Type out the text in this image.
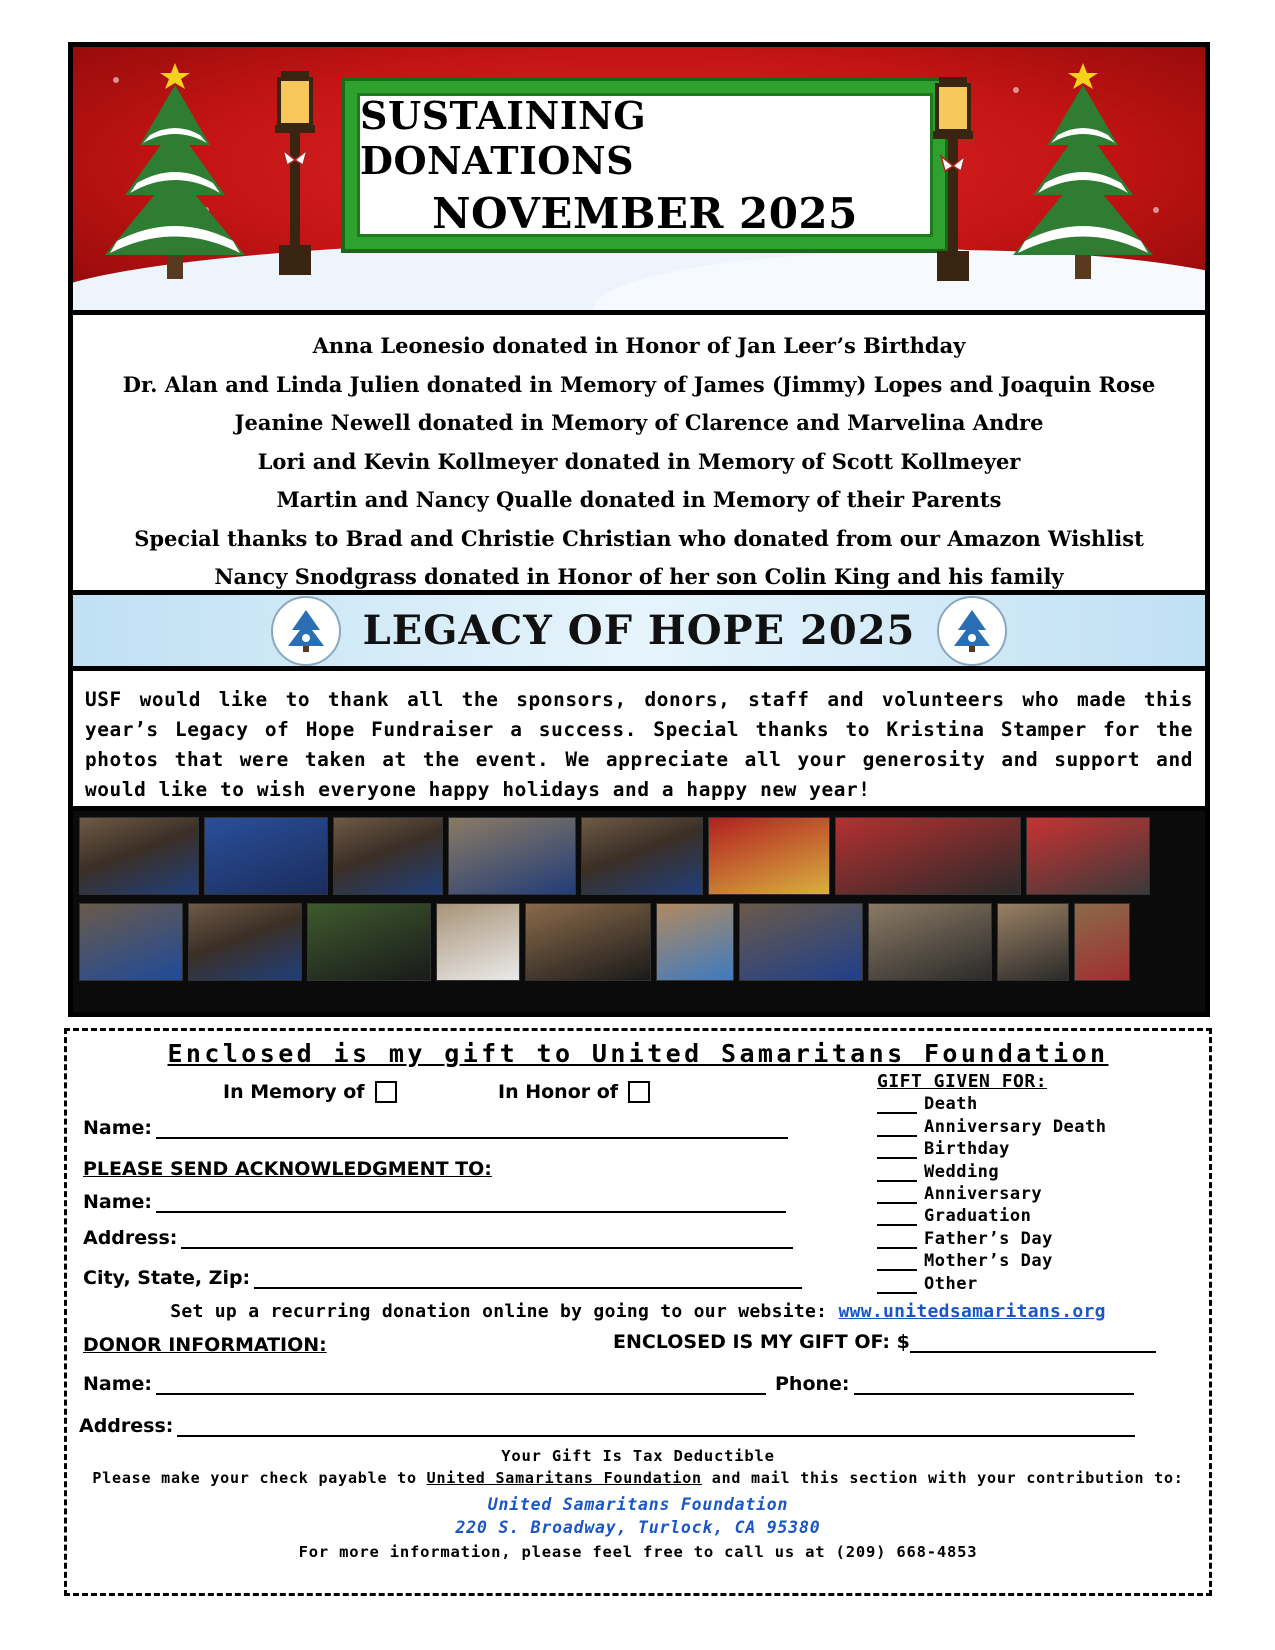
SUSTAINING DONATIONS
NOVEMBER 2025
Anna Leonesio donated in Honor of Jan Leer’s Birthday
Dr. Alan and Linda Julien donated in Memory of James (Jimmy) Lopes and Joaquin Rose
Jeanine Newell donated in Memory of Clarence and Marvelina Andre
Lori and Kevin Kollmeyer donated in Memory of Scott Kollmeyer
Martin and Nancy Qualle donated in Memory of their Parents
Special thanks to Brad and Christie Christian who donated from our Amazon Wishlist
Nancy Snodgrass donated in Honor of her son Colin King and his family
LEGACY OF HOPE 2025

USF would like to thank all the sponsors, donors, staff and volunteers who made this year’s Legacy of Hope Fundraiser a success. Special thanks to Kristina Stamper for the photos that were taken at the event. We appreciate all your generosity and support and would like to wish everyone happy holidays and a happy new year!

Enclosed is my gift to United Samaritans Foundation
In Memory of	In Honor of
Name:
PLEASE SEND ACKNOWLEDGMENT TO:
Name:
Address:
City, State, Zip:
GIFT GIVEN FOR:
Death
Anniversary Death
Birthday
Wedding
Anniversary
Graduation
Father’s Day
Mother’s Day
Other
Set up a recurring donation online by going to our website: www.unitedsamaritans.org
DONOR INFORMATION:	ENCLOSED IS MY GIFT OF: $
Name:	Phone:
Address:
Your Gift Is Tax Deductible
Please make your check payable to United Samaritans Foundation and mail this section with your contribution to:
United Samaritans Foundation
220 S. Broadway, Turlock, CA 95380
For more information, please feel free to call us at (209) 668-4853
